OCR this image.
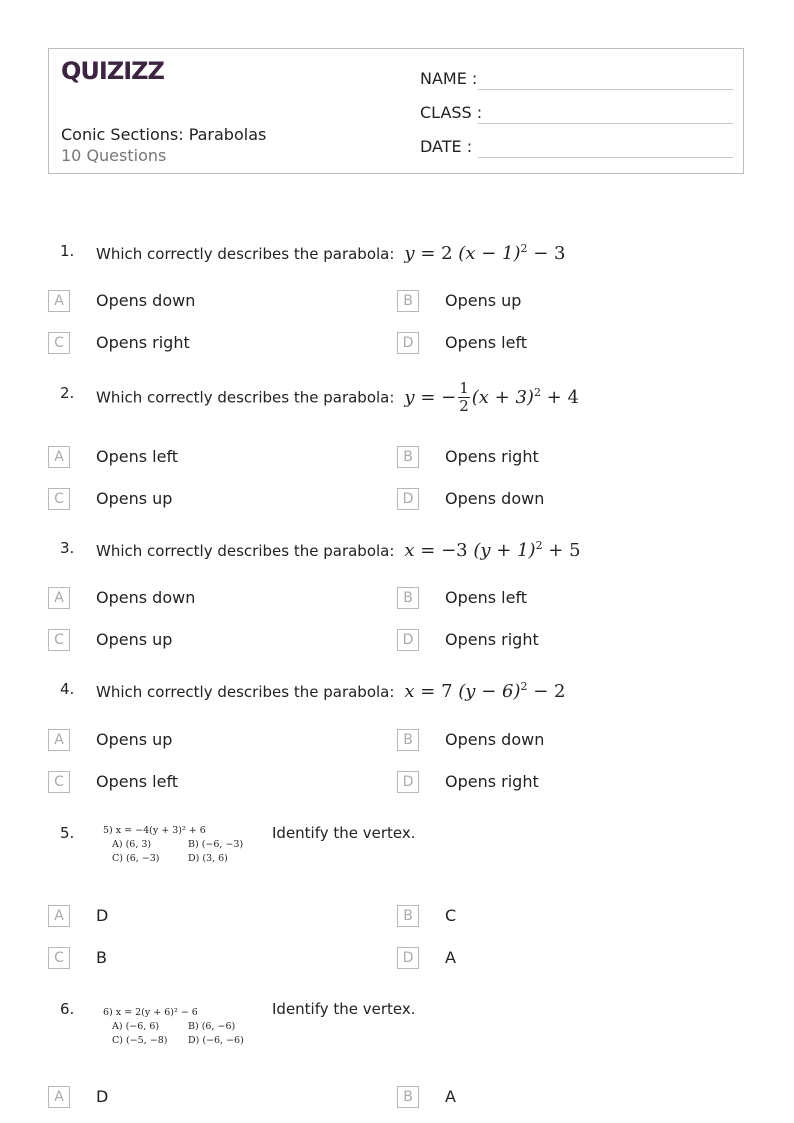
QUIZIZZ
Conic Sections: Parabolas
10 Questions
NAME :
CLASS :
DATE :
1. Which correctly describes the parabola: y = 2 $(x - 1)^2 - 3$
A	Opens down	B	Opens up
C	Opens right	D	Opens left
2. Which correctly describes the parabola: y = − $\frac{1}{2} (x + 3)^2 + 4$
A	Opens left	B	Opens right
C	Opens up	D	Opens down
3. Which correctly describes the parabola: x = −3 $(y + 1)^2 + 5$
A	Opens down	B	Opens left
C	Opens up	D	Opens right
4. Which correctly describes the parabola: x = 7 $(y - 6)^2 - 2$
A	Opens up	B	Opens down
C	Opens left	D	Opens right
5.	5) x = −4(y + 3)² + 6
A) (6, 3)	B) (−6, −3)
C) (6, −3)	D) (3, 6)
Identify the vertex.
A	D	B	C
C	B	D	A
6.	6) x = 2(y + 6)² − 6
A) (−6, 6)	B) (6, −6)
C) (−5, −8) D) (−6, −6)
Identify the vertex.
A	D	B	A
